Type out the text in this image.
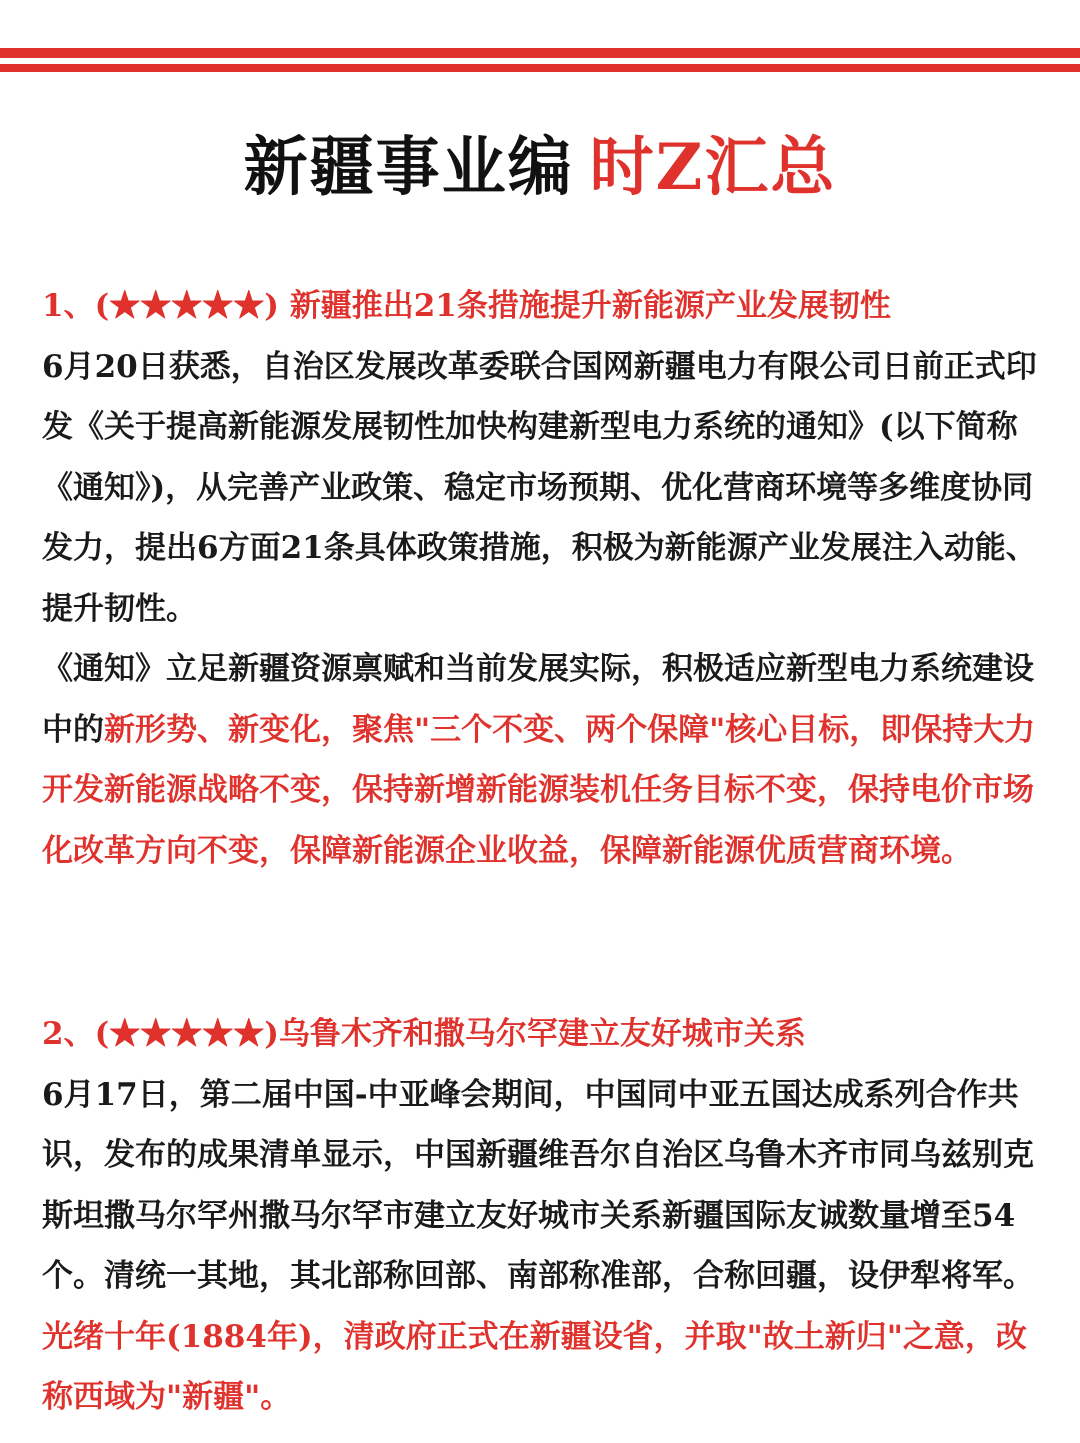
新疆事业编 时Z汇总
1、(★★★★★) 新疆推出21条措施提升新能源产业发展韧性

6月20日获悉，自治区发展改革委联合国网新疆电力有限公司日前正式印发《关于提高新能源发展韧性加快构建新型电力系统的通知》(以下简称《通知》)，从完善产业政策、稳定市场预期、优化营商环境等多维度协同发力，提出6方面21条具体政策措施，积极为新能源产业发展注入动能、提升韧性。

《通知》立足新疆资源禀赋和当前发展实际，积极适应新型电力系统建设中的新形势、新变化，聚焦"三个不变、两个保障"核心目标，即保持大力开发新能源战略不变，保持新增新能源装机任务目标不变，保持电价市场化改革方向不变，保障新能源企业收益，保障新能源优质营商环境。

2、(★★★★★)乌鲁木齐和撒马尔罕建立友好城市关系

6月17日，第二届中国-中亚峰会期间，中国同中亚五国达成系列合作共识，发布的成果清单显示，中国新疆维吾尔自治区乌鲁木齐市同乌兹别克斯坦撒马尔罕州撒马尔罕市建立友好城市关系新疆国际友诚数量增至54个。清统一其地，其北部称回部、南部称准部，合称回疆，设伊犁将军。光绪十年(1884年)，清政府正式在新疆设省，并取"故土新归"之意，改称西域为"新疆"。
